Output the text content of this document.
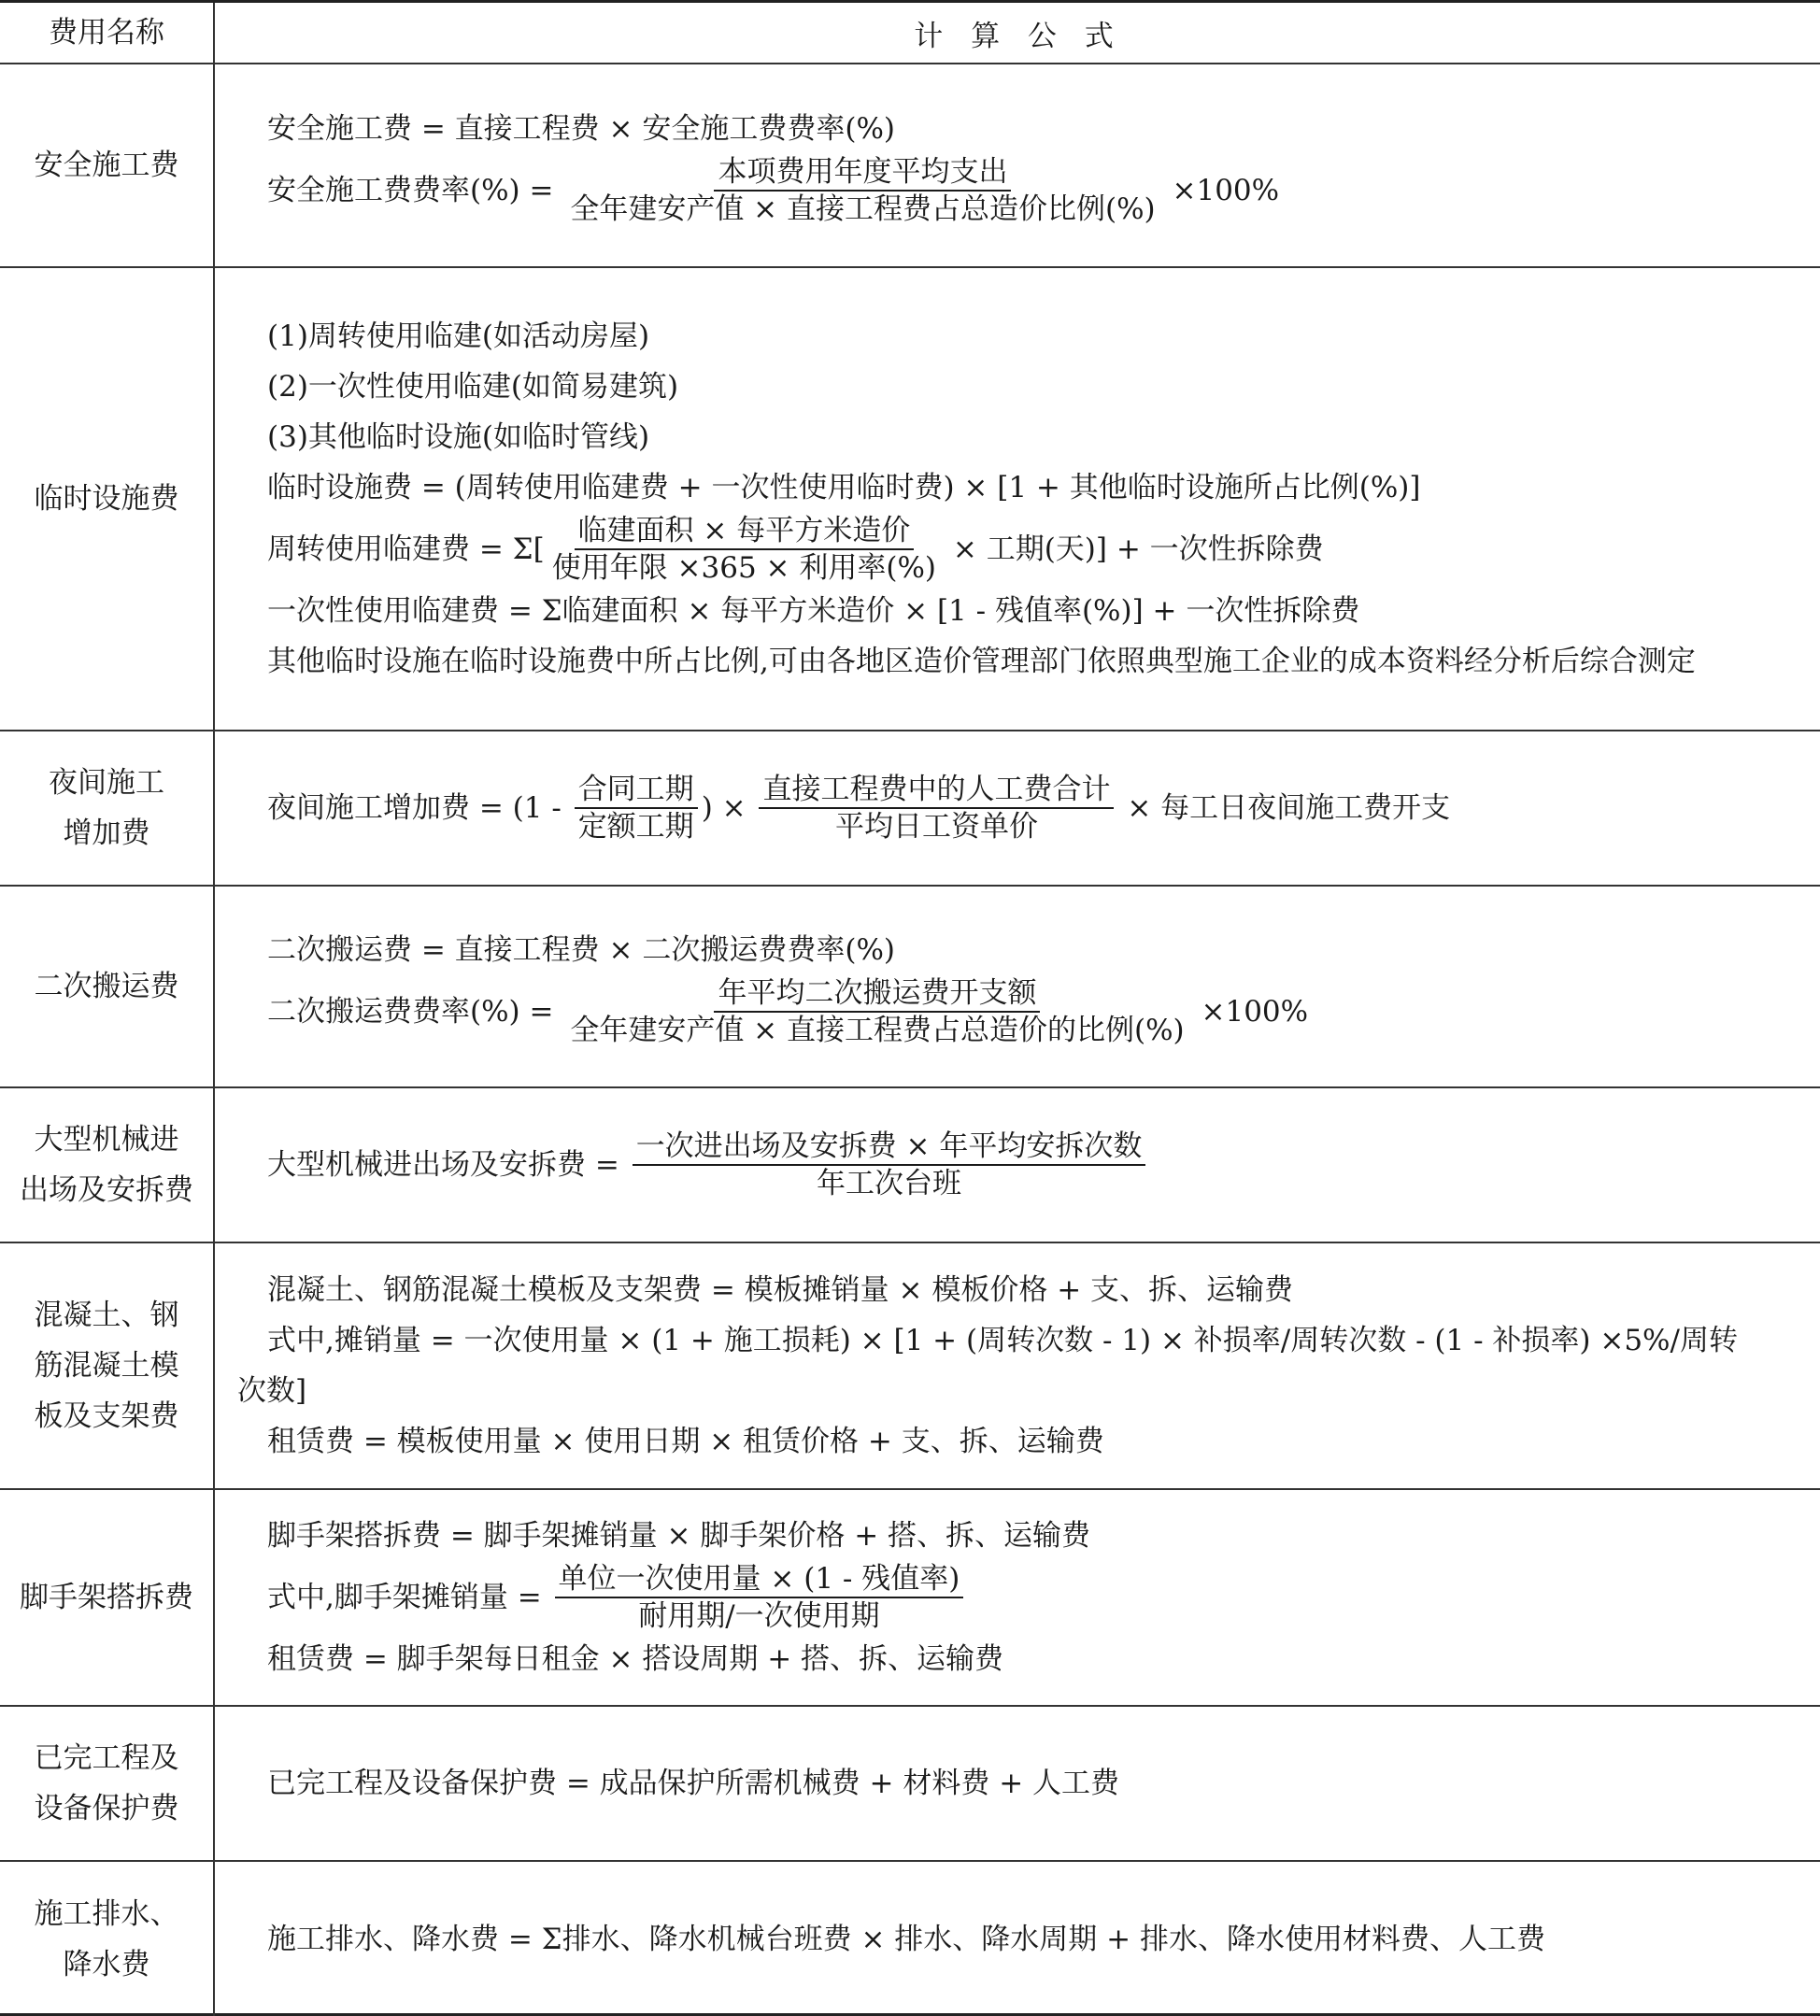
费用名称	计 算 公 式
安全施工费
安全施工费 = 直接工程费 × 安全施工费费率(%)
安全施工费费率(%) = $\frac{\text{本项费用年度平均支出}}{\text{全年建安产值 × 直接工程费占总造价比例(\%)}} \times 100\%$
临时设施费
(1)周转使用临建(如活动房屋)
(2)一次性使用临建(如简易建筑)
(3)其他临时设施(如临时管线)
临时设施费 = (周转使用临建费 + 一次性使用临时费) × [1 + 其他临时设施所占比例(%)]
周转使用临建费 = $\Sigma[ \frac{\text{临建面积 × 每平方米造价}}{\text{使用年限 ×365 × 利用率(\%)}}$ × 工期(天)] + 一次性拆除费
一次性使用临建费 = Σ临建面积 × 每平方米造价 × [1 - 残值率(%)] + 一次性拆除费
其他临时设施在临时设施费中所占比例,可由各地区造价管理部门依照典型施工企业的成本资料经分析后综合测定
夜间施工
增加费
夜间施工增加费 = ($1 - \frac{\text{合同工期}}{\text{定额工期}}$ ) × $\frac{\text{直接工程费中的人工费合计}}{\text{平均日工资单价}}$ × 每工日夜间施工费开支
二次搬运费
二次搬运费 = 直接工程费 × 二次搬运费费率(%)
二次搬运费费率(%) = $\frac{\text{年平均二次搬运费开支额}}{\text{全年建安产值 × 直接工程费占总造价的比例(\%)}} \times 100\%$
大型机械进
出场及安拆费
大型机械进出场及安拆费 = $\frac{\text{一次进出场及安拆费 × 年平均安拆次数}}{\text{年工次台班}}$
混凝土、钢
筋混凝土模
板及支架费
混凝土、钢筋混凝土模板及支架费 = 模板摊销量 × 模板价格 + 支、拆、运输费
式中,摊销量 = 一次使用量 × (1 + 施工损耗) × [1 + (周转次数 - 1) × 补损率/周转次数 - (1 - 补损率) ×5%/周转
次数]
租赁费 = 模板使用量 × 使用日期 × 租赁价格 + 支、拆、运输费
脚手架搭拆费
脚手架搭拆费 = 脚手架摊销量 × 脚手架价格 + 搭、拆、运输费
式中,脚手架摊销量 = $\frac{\text{单位一次使用量 × (1 - 残值率)}}{\text{耐用期/一次使用期}}$
租赁费 = 脚手架每日租金 × 搭设周期 + 搭、拆、运输费
已完工程及
设备保护费
已完工程及设备保护费 = 成品保护所需机械费 + 材料费 + 人工费
施工排水、
降水费
施工排水、降水费 = Σ排水、降水机械台班费 × 排水、降水周期 + 排水、降水使用材料费、人工费
